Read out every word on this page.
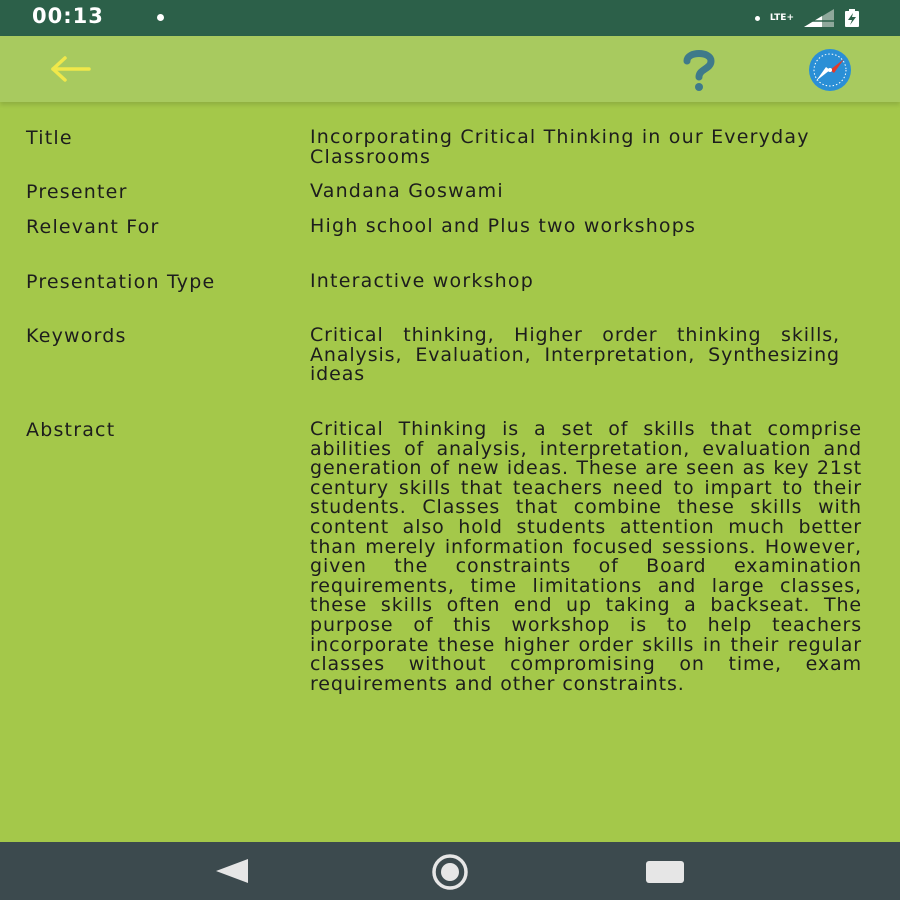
00:13	LTE+
Title	Incorporating Critical Thinking in our Everyday Classrooms
Presenter	Vandana Goswami
Relevant For	High school and Plus two workshops
Presentation Type	Interactive workshop
Keywords	Critical thinking, Higher order thinking skills, Analysis, Evaluation, Interpretation, Synthesizing ideas
Abstract	Critical Thinking is a set of skills that comprise abilities of analysis, interpretation, evaluation and generation of new ideas. These are seen as key 21st century skills that teachers need to impart to their students. Classes that combine these skills with content also hold students attention much better than merely information focused sessions. However, given the constraints of Board examination requirements, time limitations and large classes, these skills often end up taking a backseat. The purpose of this workshop is to help teachers incorporate these higher order skills in their regular classes without compromising on time, exam requirements and other constraints.
